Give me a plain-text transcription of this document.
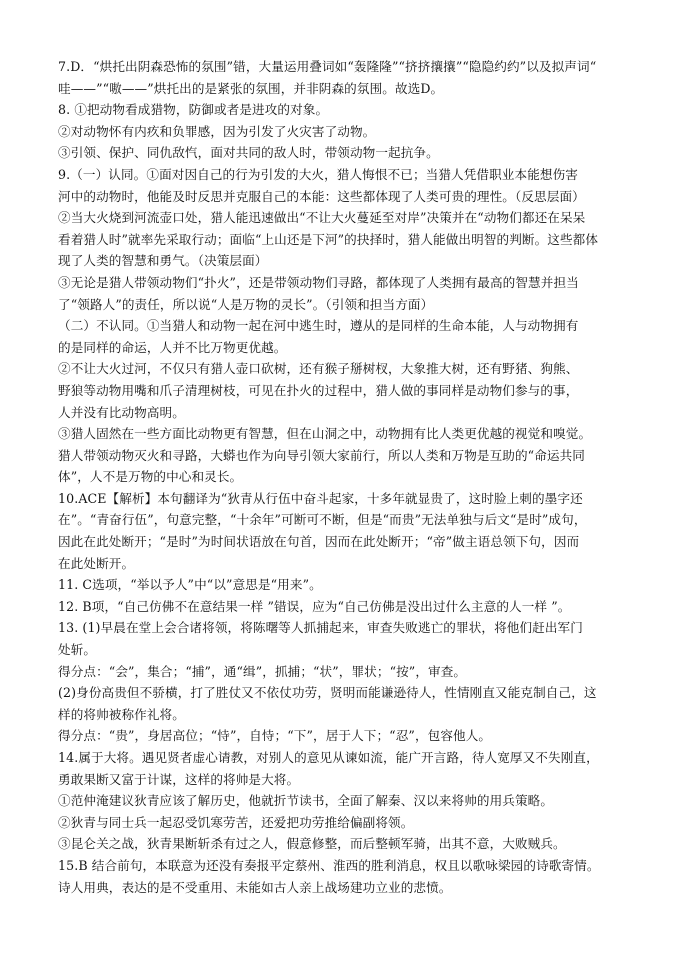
7.D．“烘托出阴森恐怖的氛围”错，大量运用叠词如“轰隆隆”“挤挤攘攘”“隐隐约约”以及拟声词“
哇——”“嗷——”烘托出的是紧张的氛围，并非阴森的氛围。故选D。
8. ①把动物看成猎物，防御或者是进攻的对象。
②对动物怀有内疚和负罪感，因为引发了火灾害了动物。
③引领、保护、同仇敌忾，面对共同的敌人时，带领动物一起抗争。
9.（一）认同。①面对因自己的行为引发的大火，猎人悔恨不已；当猎人凭借职业本能想伤害
河中的动物时，他能及时反思并克服自己的本能：这些都体现了人类可贵的理性。（反思层面）
②当大火烧到河流壶口处，猎人能迅速做出“不让大火蔓延至对岸”决策并在“动物们都还在呆呆
看着猎人时”就率先采取行动；面临“上山还是下河”的抉择时，猎人能做出明智的判断。这些都体
现了人类的智慧和勇气。（决策层面）
③无论是猎人带领动物们“扑火”，还是带领动物们寻路，都体现了人类拥有最高的智慧并担当
了“领路人”的责任，所以说“人是万物的灵长”。（引领和担当方面）
（二）不认同。①当猎人和动物一起在河中逃生时，遵从的是同样的生命本能，人与动物拥有
的是同样的命运，人并不比万物更优越。
②不让大火过河，不仅只有猎人壶口砍树，还有猴子掰树杈，大象推大树，还有野猪、狗熊、
野狼等动物用嘴和爪子清理树枝，可见在扑火的过程中，猎人做的事同样是动物们参与的事，
人并没有比动物高明。
③猎人固然在一些方面比动物更有智慧，但在山洞之中，动物拥有比人类更优越的视觉和嗅觉。
猎人带领动物灭火和寻路，大蟒也作为向导引领大家前行，所以人类和万物是互助的“命运共同
体”，人不是万物的中心和灵长。
10.ACE【解析】本句翻译为“狄青从行伍中奋斗起家，十多年就显贵了，这时脸上刺的墨字还
在”。“青奋行伍”，句意完整，“十余年”可断可不断，但是“而贵”无法单独与后文“是时”成句，
因此在此处断开；“是时”为时间状语放在句首，因而在此处断开；“帝”做主语总领下句，因而
在此处断开。
11. C选项，“举以予人”中“以”意思是“用来”。
12. B项，“自己仿佛不在意结果一样 ”错误，应为“自己仿佛是没出过什么主意的人一样 ”。
13. (1)早晨在堂上会合诸将领，将陈曙等人抓捕起来，审查失败逃亡的罪状，将他们赶出军门
处斩。
得分点：“会”，集合；“捕”，通“缉”，抓捕；“状”，罪状；“按”，审查。
(2)身份高贵但不骄横，打了胜仗又不依仗功劳，贤明而能谦逊待人，性情刚直又能克制自己，这
样的将帅被称作礼将。
得分点：“贵”，身居高位；“恃”，自恃；“下”，居于人下；“忍”，包容他人。
14.属于大将。遇见贤者虚心请教，对别人的意见从谏如流，能广开言路，待人宽厚又不失刚直，
勇敢果断又富于计谋，这样的将帅是大将。
①范仲淹建议狄青应该了解历史，他就折节读书，全面了解秦、汉以来将帅的用兵策略。
②狄青与同士兵一起忍受饥寒劳苦，还爱把功劳推给偏副将领。
③昆仑关之战，狄青果断斩杀有过之人，假意修整，而后整顿军骑，出其不意，大败贼兵。
15.B 结合前句，本联意为还没有奏报平定蔡州、淮西的胜利消息，权且以歌咏梁园的诗歌寄情。
诗人用典，表达的是不受重用、未能如古人亲上战场建功立业的悲愤。
